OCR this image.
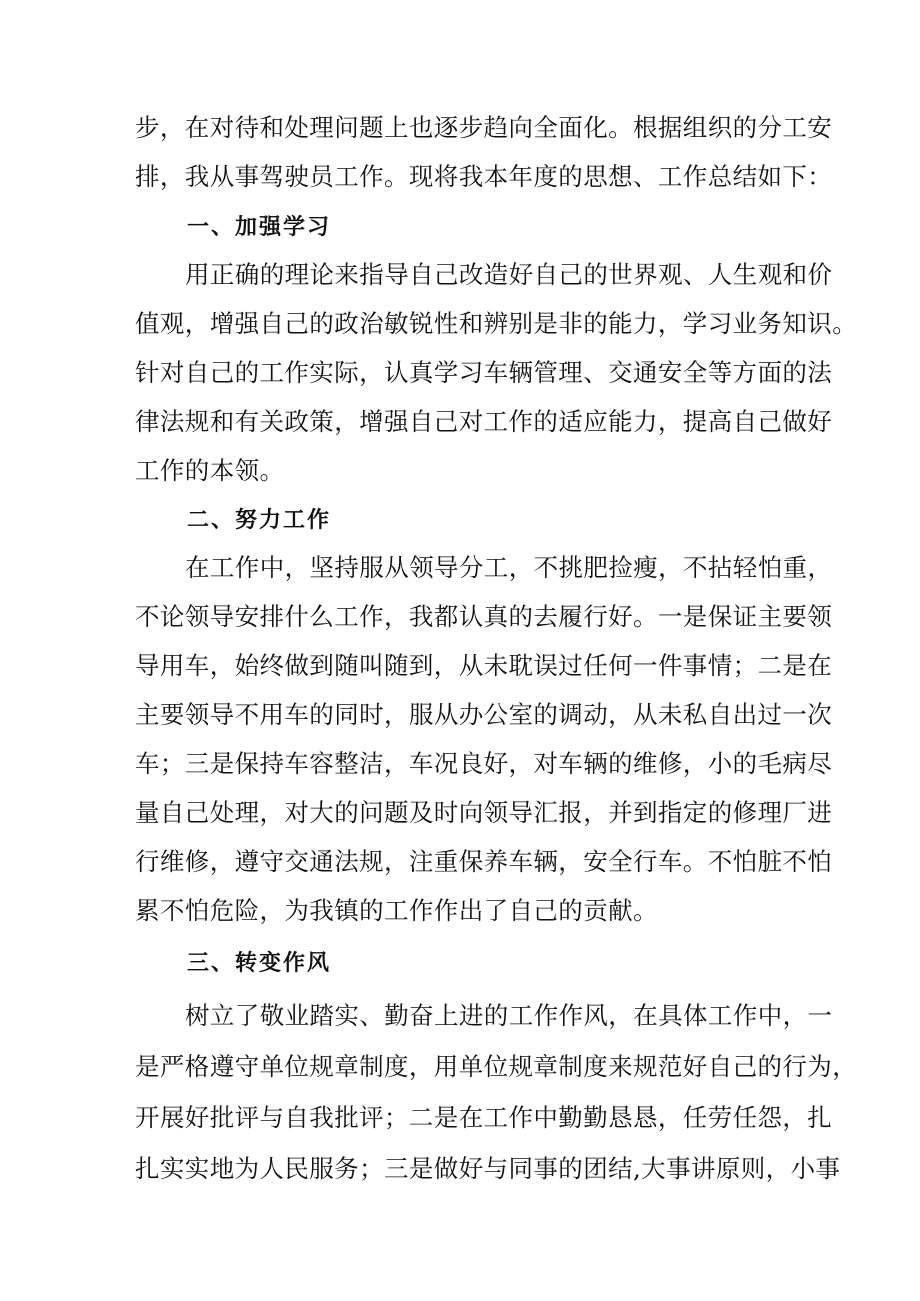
步，在对待和处理问题上也逐步趋向全面化。根据组织的分工安
排，我从事驾驶员工作。现将我本年度的思想、工作总结如下：
一、加强学习
用正确的理论来指导自己改造好自己的世界观、人生观和价
值观，增强自己的政治敏锐性和辨别是非的能力，学习业务知识。
针对自己的工作实际，认真学习车辆管理、交通安全等方面的法
律法规和有关政策，增强自己对工作的适应能力，提高自己做好
工作的本领。
二、努力工作
在工作中，坚持服从领导分工，不挑肥捡瘦，不拈轻怕重，
不论领导安排什么工作，我都认真的去履行好。一是保证主要领
导用车，始终做到随叫随到，从未耽误过任何一件事情；二是在
主要领导不用车的同时，服从办公室的调动，从未私自出过一次
车；三是保持车容整洁，车况良好，对车辆的维修，小的毛病尽
量自己处理，对大的问题及时向领导汇报，并到指定的修理厂进
行维修，遵守交通法规，注重保养车辆，安全行车。不怕脏不怕
累不怕危险，为我镇的工作作出了自己的贡献。
三、转变作风
树立了敬业踏实、勤奋上进的工作作风，在具体工作中，一
是严格遵守单位规章制度，用单位规章制度来规范好自己的行为，
开展好批评与自我批评；二是在工作中勤勤恳恳，任劳任怨，扎
扎实实地为人民服务；三是做好与同事的团结,大事讲原则，小事
